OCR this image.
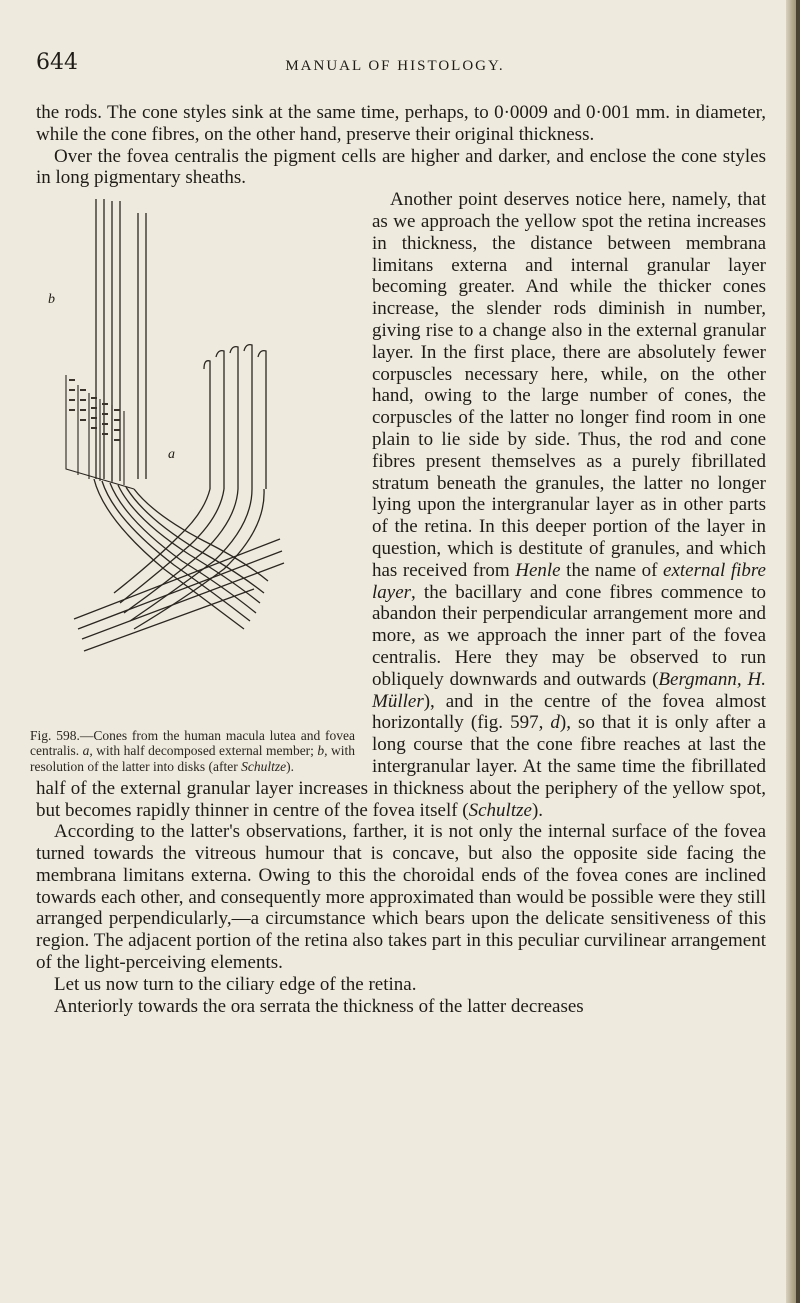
644	MANUAL OF HISTOLOGY.

the rods. The cone styles sink at the same time, perhaps, to 0·0009 and 0·001 mm. in diameter, while the cone fibres, on the other hand, preserve their original thickness.

Over the fovea centralis the pigment cells are higher and darker, and enclose the cone styles in long pigmentary sheaths.

b
a
Fig. 598.—Cones from the human macula lutea and fovea centralis. a, with half decomposed external member; b, with resolution of the latter into disks (after Schultze).

Another point deserves notice here, namely, that as we approach the yellow spot the retina increases in thickness, the distance between membrana limitans externa and internal granular layer becoming greater. And while the thicker cones increase, the slender rods diminish in number, giving rise to a change also in the external granular layer. In the first place, there are absolutely fewer corpuscles necessary here, while, on the other hand, owing to the large number of cones, the corpuscles of the latter no longer find room in one plain to lie side by side. Thus, the rod and cone fibres present themselves as a purely fibrillated stratum beneath the granules, the latter no longer lying upon the intergranular layer as in other parts of the retina. In this deeper portion of the layer in question, which is destitute of granules, and which has received from Henle the name of external fibre layer, the bacillary and cone fibres commence to abandon their perpendicular arrangement more and more, as we approach the inner part of the fovea centralis. Here they may be observed to run obliquely downwards and outwards (Bergmann, H. Müller), and in the centre of the fovea almost horizontally (fig. 597, d), so that it is only after a long course that the cone fibre reaches at last the intergranular layer. At the same time the fibrillated half of the external granular layer increases in thickness about the periphery of the yellow spot, but becomes rapidly thinner in centre of the fovea itself (Schultze).

According to the latter's observations, farther, it is not only the internal surface of the fovea turned towards the vitreous humour that is concave, but also the opposite side facing the membrana limitans externa. Owing to this the choroidal ends of the fovea cones are inclined towards each other, and consequently more approximated than would be possible were they still arranged perpendicularly,—a circumstance which bears upon the delicate sensitiveness of this region. The adjacent portion of the retina also takes part in this peculiar curvilinear arrangement of the light-perceiving elements.

Let us now turn to the ciliary edge of the retina.

Anteriorly towards the ora serrata the thickness of the latter decreases
